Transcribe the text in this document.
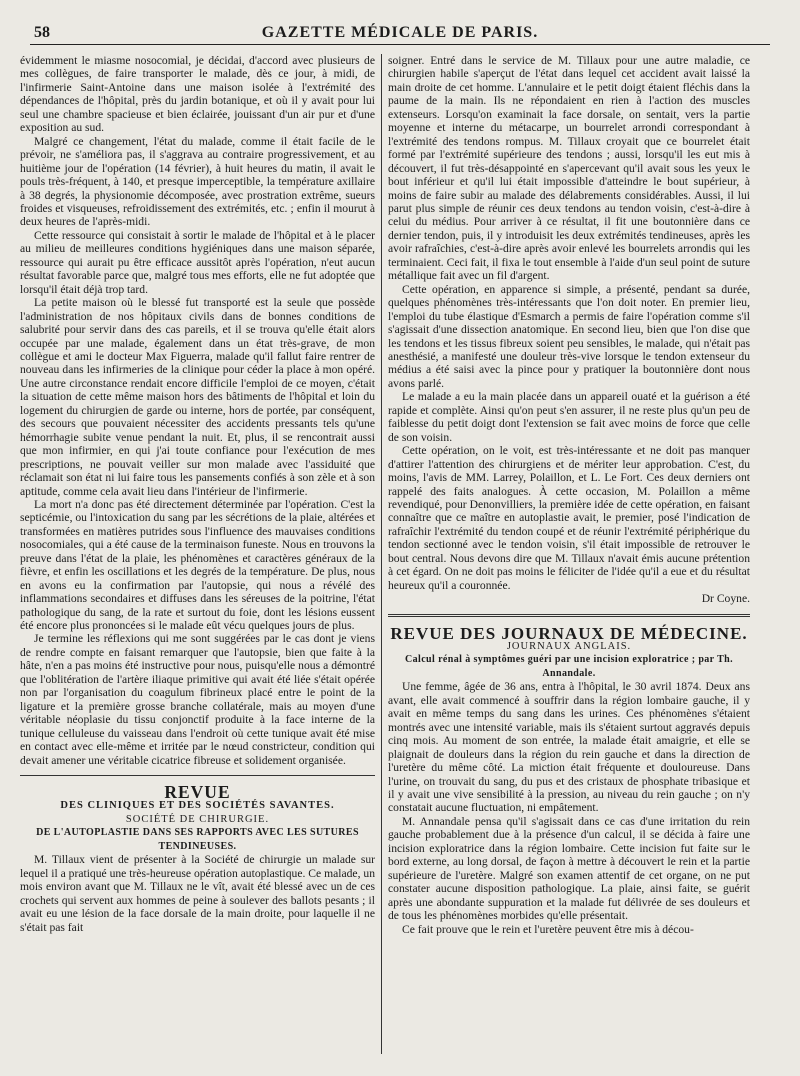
58	GAZETTE MÉDICALE DE PARIS.

évidemment le miasme nosocomial, je décidai, d'accord avec plusieurs de mes collègues, de faire transporter le malade, dès ce jour, à midi, de l'infirmerie Saint-Antoine dans une maison isolée à l'extrémité des dépendances de l'hôpital, près du jardin botanique, et où il y avait pour lui seul une chambre spacieuse et bien éclairée, jouissant d'un air pur et d'une exposition au sud.

Malgré ce changement, l'état du malade, comme il était facile de le prévoir, ne s'améliora pas, il s'aggrava au contraire progressivement, et au huitième jour de l'opération (14 février), à huit heures du matin, il avait le pouls très-fréquent, à 140, et presque imperceptible, la température axillaire à 38 degrés, la physionomie décomposée, avec prostration extrême, sueurs froides et visqueuses, refroidissement des extrémités, etc. ; enfin il mourut à deux heures de l'après-midi.

Cette ressource qui consistait à sortir le malade de l'hôpital et à le placer au milieu de meilleures conditions hygiéniques dans une maison séparée, ressource qui aurait pu être efficace aussitôt après l'opération, n'eut aucun résultat favorable parce que, malgré tous mes efforts, elle ne fut adoptée que lorsqu'il était déjà trop tard.

La petite maison où le blessé fut transporté est la seule que possède l'administration de nos hôpitaux civils dans de bonnes conditions de salubrité pour servir dans des cas pareils, et il se trouva qu'elle était alors occupée par une malade, également dans un état très-grave, de mon collègue et ami le docteur Max Figuerra, malade qu'il fallut faire rentrer de nouveau dans les infirmeries de la clinique pour céder la place à mon opéré. Une autre circonstance rendait encore difficile l'emploi de ce moyen, c'était la situation de cette même maison hors des bâtiments de l'hôpital et loin du logement du chirurgien de garde ou interne, hors de portée, par conséquent, des secours que pouvaient nécessiter des accidents pressants tels qu'une hémorrhagie subite venue pendant la nuit. Et, plus, il se rencontrait aussi que mon infirmier, en qui j'ai toute confiance pour l'exécution de mes prescriptions, ne pouvait veiller sur mon malade avec l'assiduité que réclamait son état ni lui faire tous les pansements confiés à son zèle et à son aptitude, comme cela avait lieu dans l'intérieur de l'infirmerie.

La mort n'a donc pas été directement déterminée par l'opération. C'est la septicémie, ou l'intoxication du sang par les sécrétions de la plaie, altérées et transformées en matières putrides sous l'influence des mauvaises conditions nosocomiales, qui a été cause de la terminaison funeste. Nous en trouvons la preuve dans l'état de la plaie, les phénomènes et caractères généraux de la fièvre, et enfin les oscillations et les degrés de la température. De plus, nous en avons eu la confirmation par l'autopsie, qui nous a révélé des inflammations secondaires et diffuses dans les séreuses de la poitrine, l'état pathologique du sang, de la rate et surtout du foie, dont les lésions eussent été encore plus prononcées si le malade eût vécu quelques jours de plus.

Je termine les réflexions qui me sont suggérées par le cas dont je viens de rendre compte en faisant remarquer que l'autopsie, bien que faite à la hâte, n'en a pas moins été instructive pour nous, puisqu'elle nous a démontré que l'oblitération de l'artère iliaque primitive qui avait été liée s'était opérée non par l'organisation du coagulum fibrineux placé entre le point de la ligature et la première grosse branche collatérale, mais au moyen d'une véritable néoplasie du tissu conjonctif produite à la face interne de la tunique celluleuse du vaisseau dans l'endroit où cette tunique avait été mise en contact avec elle-même et irritée par le nœud constricteur, condition qui devait amener une véritable cicatrice fibreuse et solidement organisée.

REVUE

DES CLINIQUES ET DES SOCIÉTÉS SAVANTES.

SOCIÉTÉ DE CHIRURGIE.

DE L'AUTOPLASTIE DANS SES RAPPORTS AVEC LES SUTURES TENDINEUSES.

M. Tillaux vient de présenter à la Société de chirurgie un malade sur lequel il a pratiqué une très-heureuse opération autoplastique. Ce malade, un mois environ avant que M. Tillaux ne le vît, avait été blessé avec un de ces crochets qui servent aux hommes de peine à soulever des ballots pesants ; il avait eu une lésion de la face dorsale de la main droite, pour laquelle il ne s'était pas fait

soigner. Entré dans le service de M. Tillaux pour une autre maladie, ce chirurgien habile s'aperçut de l'état dans lequel cet accident avait laissé la main droite de cet homme. L'annulaire et le petit doigt étaient fléchis dans la paume de la main. Ils ne répondaient en rien à l'action des muscles extenseurs. Lorsqu'on examinait la face dorsale, on sentait, vers la partie moyenne et interne du métacarpe, un bourrelet arrondi correspondant à l'extrémité des tendons rompus. M. Tillaux croyait que ce bourrelet était formé par l'extrémité supérieure des tendons ; aussi, lorsqu'il les eut mis à découvert, il fut très-désappointé en s'apercevant qu'il avait sous les yeux le bout inférieur et qu'il lui était impossible d'atteindre le bout supérieur, à moins de faire subir au malade des délabrements considérables. Aussi, il lui parut plus simple de réunir ces deux tendons au tendon voisin, c'est-à-dire à celui du médius. Pour arriver à ce résultat, il fit une boutonnière dans ce dernier tendon, puis, il y introduisit les deux extrémités tendineuses, après les avoir rafraîchies, c'est-à-dire après avoir enlevé les bourrelets arrondis qui les terminaient. Ceci fait, il fixa le tout ensemble à l'aide d'un seul point de suture métallique fait avec un fil d'argent.

Cette opération, en apparence si simple, a présenté, pendant sa durée, quelques phénomènes très-intéressants que l'on doit noter. En premier lieu, l'emploi du tube élastique d'Esmarch a permis de faire l'opération comme s'il s'agissait d'une dissection anatomique. En second lieu, bien que l'on dise que les tendons et les tissus fibreux soient peu sensibles, le malade, qui n'était pas anesthésié, a manifesté une douleur très-vive lorsque le tendon extenseur du médius a été saisi avec la pince pour y pratiquer la boutonnière dont nous avons parlé.

Le malade a eu la main placée dans un appareil ouaté et la guérison a été rapide et complète. Ainsi qu'on peut s'en assurer, il ne reste plus qu'un peu de faiblesse du petit doigt dont l'extension se fait avec moins de force que celle de son voisin.

Cette opération, on le voit, est très-intéressante et ne doit pas manquer d'attirer l'attention des chirurgiens et de mériter leur approbation. C'est, du moins, l'avis de MM. Larrey, Polaillon, et L. Le Fort. Ces deux derniers ont rappelé des faits analogues. À cette occasion, M. Polaillon a même revendiqué, pour Denonvilliers, la première idée de cette opération, en faisant connaître que ce maître en autoplastie avait, le premier, posé l'indication de rafraîchir l'extrémité du tendon coupé et de réunir l'extrémité périphérique du tendon sectionné avec le tendon voisin, s'il était impossible de retrouver le bout central. Nous devons dire que M. Tillaux n'avait émis aucune prétention à cet égard. On ne doit pas moins le féliciter de l'idée qu'il a eue et du résultat heureux qu'il a couronnée.

Dr Coyne.

REVUE DES JOURNAUX DE MÉDECINE.

JOURNAUX ANGLAIS.

Calcul rénal à symptômes guéri par une incision exploratrice ; par Th. Annandale.

Une femme, âgée de 36 ans, entra à l'hôpital, le 30 avril 1874. Deux ans avant, elle avait commencé à souffrir dans la région lombaire gauche, il y avait en même temps du sang dans les urines. Ces phénomènes s'étaient montrés avec une intensité variable, mais ils s'étaient surtout aggravés depuis cinq mois. Au moment de son entrée, la malade était amaigrie, et elle se plaignait de douleurs dans la région du rein gauche et dans la direction de l'uretère du même côté. La miction était fréquente et douloureuse. Dans l'urine, on trouvait du sang, du pus et des cristaux de phosphate tribasique et il y avait une vive sensibilité à la pression, au niveau du rein gauche ; on n'y constatait aucune fluctuation, ni empâtement.

M. Annandale pensa qu'il s'agissait dans ce cas d'une irritation du rein gauche probablement due à la présence d'un calcul, il se décida à faire une incision exploratrice dans la région lombaire. Cette incision fut faite sur le bord externe, au long dorsal, de façon à mettre à découvert le rein et la partie supérieure de l'uretère. Malgré son examen attentif de cet organe, on ne put constater aucune disposition pathologique. La plaie, ainsi faite, se guérit après une abondante suppuration et la malade fut délivrée de ses douleurs et de tous les phénomènes morbides qu'elle présentait.

Ce fait prouve que le rein et l'uretère peuvent être mis à décou-
